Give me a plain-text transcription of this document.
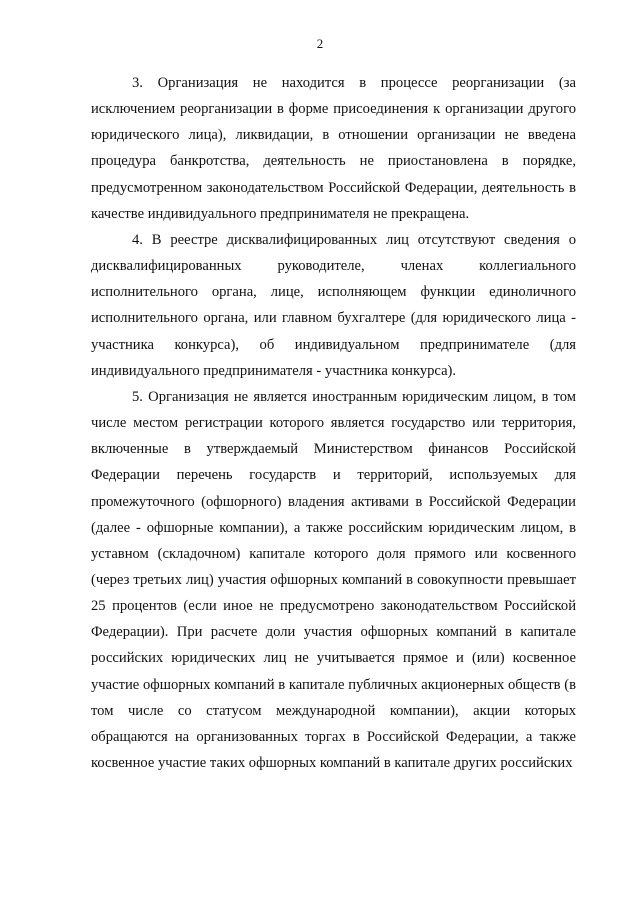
2

3. Организация не находится в процессе реорганизации (за исключением реорганизации в форме присоединения к организации другого юридического лица), ликвидации, в отношении организации не введена процедура банкротства, деятельность не приостановлена в порядке, предусмотренном законодательством Российской Федерации, деятельность в качестве индивидуального предпринимателя не прекращена.

4. В реестре дисквалифицированных лиц отсутствуют сведения о дисквалифицированных руководителе, членах коллегиального исполнительного органа, лице, исполняющем функции единоличного исполнительного органа, или главном бухгалтере (для юридического лица - участника конкурса), об индивидуальном предпринимателе (для индивидуального предпринимателя - участника конкурса).

5. Организация не является иностранным юридическим лицом, в том числе местом регистрации которого является государство или территория, включенные в утверждаемый Министерством финансов Российской Федерации перечень государств и территорий, используемых для промежуточного (офшорного) владения активами в Российской Федерации (далее - офшорные компании), а также российским юридическим лицом, в уставном (складочном) капитале которого доля прямого или косвенного (через третьих лиц) участия офшорных компаний в совокупности превышает 25 процентов (если иное не предусмотрено законодательством Российской Федерации). При расчете доли участия офшорных компаний в капитале российских юридических лиц не учитывается прямое и (или) косвенное участие офшорных компаний в капитале публичных акционерных обществ (в том числе со статусом международной компании), акции которых обращаются на организованных торгах в Российской Федерации, а также косвенное участие таких офшорных компаний в капитале других российских
